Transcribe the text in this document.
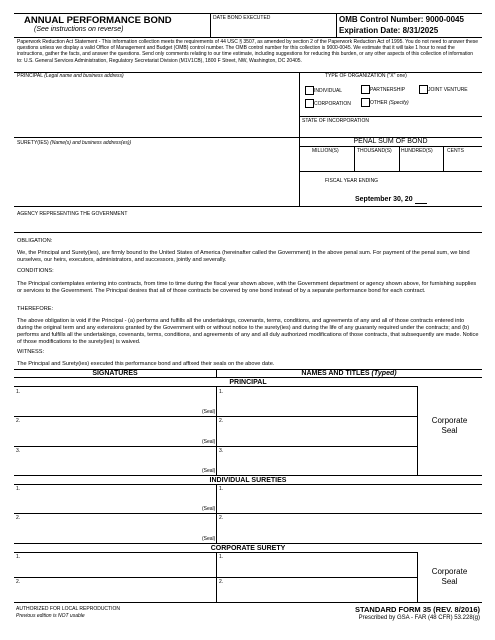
ANNUAL PERFORMANCE BOND
(See instructions on reverse)
DATE BOND EXECUTED	OMB Control Number: 9000-0045
Expiration Date: 8/31/2025
Paperwork Reduction Act Statement - This information collection meets the requirements of 44 USC § 3507, as amended by section 2 of the Paperwork Reduction Act of 1995. You do not need to answer these questions unless we display a valid Office of Management and Budget (OMB) control number. The OMB control number for this collection is 9000-0045. We estimate that it will take 1 hour to read the instructions, gather the facts, and answer the questions. Send only comments relating to our time estimate, including suggestions for reducing this burden, or any other aspects of this collection of information to: U.S. General Services Administration, Regulatory Secretariat Division (M1V1CB), 1800 F Street, NW, Washington, DC 20405.
PRINCIPAL (Legal name and business address)	TYPE OF ORGANIZATION ("X" one)
INDIVIDUAL	PARTNERSHIP	JOINT VENTURE
CORPORATION	OTHER (Specify)
STATE OF INCORPORATION
SURETY(IES) (Name(s) and business address(es))	PENAL SUM OF BOND
MILLION(S)	THOUSAND(S) HUNDRED(S)	CENTS
FISCAL YEAR ENDING
September 30, 20
AGENCY REPRESENTING THE GOVERNMENT
OBLIGATION:
We, the Principal and Surety(ies), are firmly bound to the United States of America (hereinafter called the Government) in the above penal sum. For payment of the penal sum, we bind ourselves, our heirs, executors, administrators, and successors, jointly and severally.
CONDITIONS:
The Principal contemplates entering into contracts, from time to time during the fiscal year shown above, with the Government department or agency shown above, for furnishing supplies or services to the Government. The Principal desires that all of those contracts be covered by one bond instead of by a separate performance bond for each contract.
THEREFORE:
The above obligation is void if the Principal - (a) performs and fulfills all the undertakings, covenants, terms, conditions, and agreements of any and all of those contracts entered into during the original term and any extensions granted by the Government with or without notice to the surety(ies) and during the life of any guaranty required under the contracts; and (b) performs and fulfills all the undertakings, covenants, terms, conditions, and agreements of any and all duly authorized modifications of those contracts, that subsequently are made. Notice of those modifications to the surety(ies) is waived.
WITNESS:
The Principal and Surety(ies) executed this performance bond and affixed their seals on the above date.
SIGNATURES	NAMES AND TITLES (Typed)
PRINCIPAL
1.	1.
(Seal)
2.	2.
(Seal)
3.	3.
(Seal)
Corporate
Seal
INDIVIDUAL SURETIES
1.	1.
(Seal)
2.	2.
(Seal)
CORPORATE SURETY
1.	1.
2.	2.
Corporate
Seal
AUTHORIZED FOR LOCAL REPRODUCTION
Previous edition is NOT usable
STANDARD FORM 35 (REV. 8/2016)
Prescribed by GSA - FAR (48 CFR) 53.228(g)
